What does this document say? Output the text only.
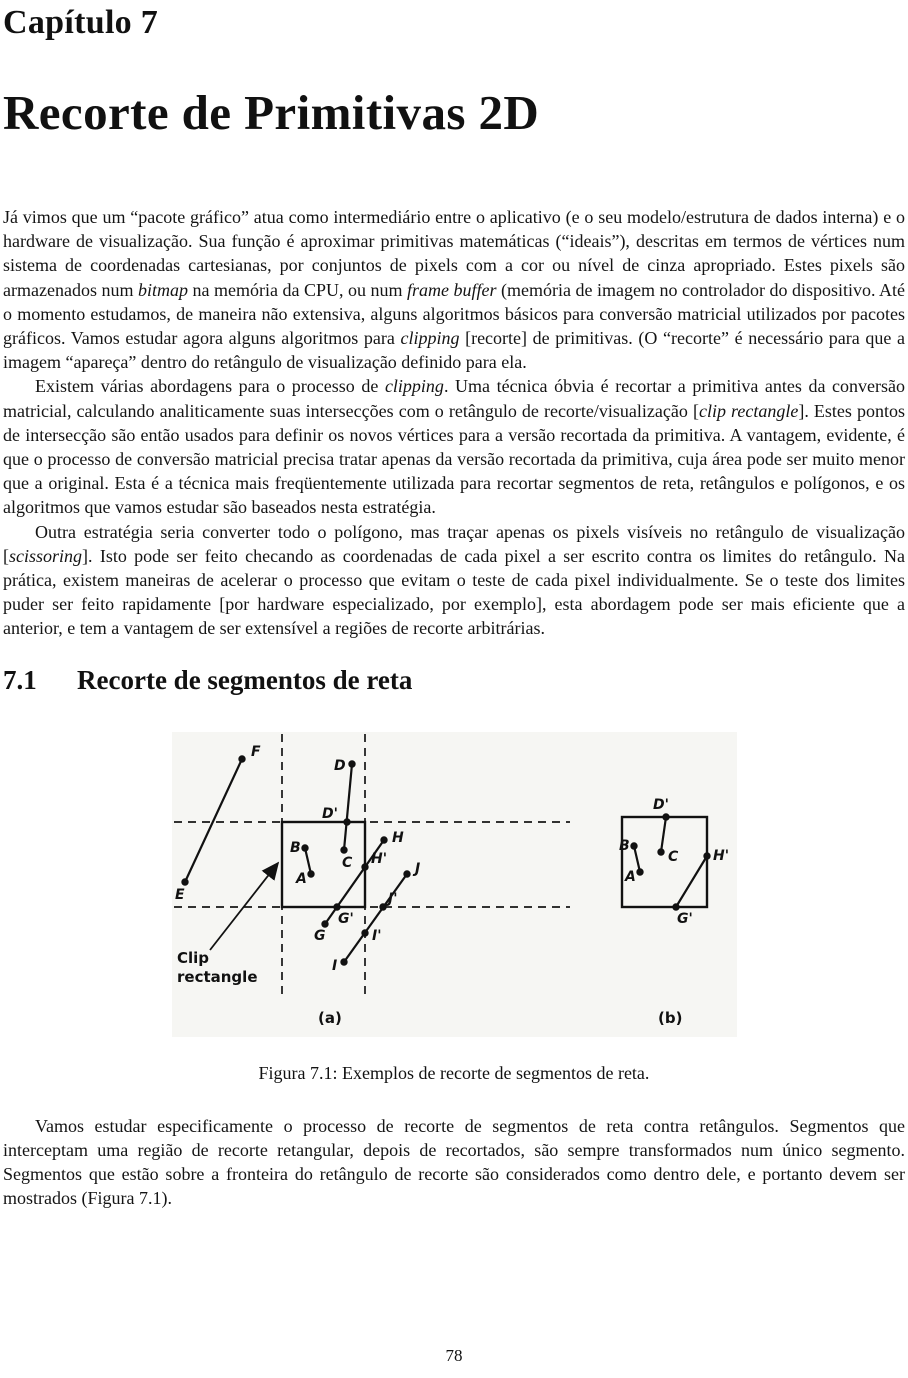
Capítulo 7
Recorte de Primitivas 2D

Já vimos que um “pacote gráfico” atua como intermediário entre o aplicativo (e o seu modelo/estrutura de dados interna) e o hardware de visualização. Sua função é aproximar primitivas matemáticas (“ideais”), descritas em termos de vértices num sistema de coordenadas cartesianas, por conjuntos de pixels com a cor ou nível de cinza apropriado. Estes pixels são armazenados num bitmap na memória da CPU, ou num frame buffer (memória de imagem no controlador do dispositivo. Até o momento estudamos, de maneira não extensiva, alguns algoritmos básicos para conversão matricial utilizados por pacotes gráficos. Vamos estudar agora alguns algoritmos para clipping [recorte] de primitivas. (O “recorte” é necessário para que a imagem “apareça” dentro do retângulo de visualização definido para ela.

Existem várias abordagens para o processo de clipping. Uma técnica óbvia é recortar a primitiva antes da conversão matricial, calculando analiticamente suas intersecções com o retângulo de recorte/visualização [clip rectangle]. Estes pontos de intersecção são então usados para definir os novos vértices para a versão recortada da primitiva. A vantagem, evidente, é que o processo de conversão matricial precisa tratar apenas da versão recortada da primitiva, cuja área pode ser muito menor que a original. Esta é a técnica mais freqüentemente utilizada para recortar segmentos de reta, retângulos e polígonos, e os algoritmos que vamos estudar são baseados nesta estratégia.

Outra estratégia seria converter todo o polígono, mas traçar apenas os pixels visíveis no retângulo de visualização [scissoring]. Isto pode ser feito checando as coordenadas de cada pixel a ser escrito contra os limites do retângulo. Na prática, existem maneiras de acelerar o processo que evitam o teste de cada pixel individualmente. Se o teste dos limites puder ser feito rapidamente [por hardware especializado, por exemplo], esta abordagem pode ser mais eficiente que a anterior, e tem a vantagem de ser extensível a regiões de recorte arbitrárias.

7.1 Recorte de segmentos de reta
F
E
D
D'
C
B
A
H
H'
G
G'
J
J'
I
I'
D'
C
B
A
H'
G'
Clip
rectangle
(a)	(b)
Figura 7.1: Exemplos de recorte de segmentos de reta.

Vamos estudar especificamente o processo de recorte de segmentos de reta contra retângulos. Segmentos que interceptam uma região de recorte retangular, depois de recortados, são sempre transformados num único segmento. Segmentos que estão sobre a fronteira do retângulo de recorte são considerados como dentro dele, e portanto devem ser mostrados (Figura 7.1).

78
